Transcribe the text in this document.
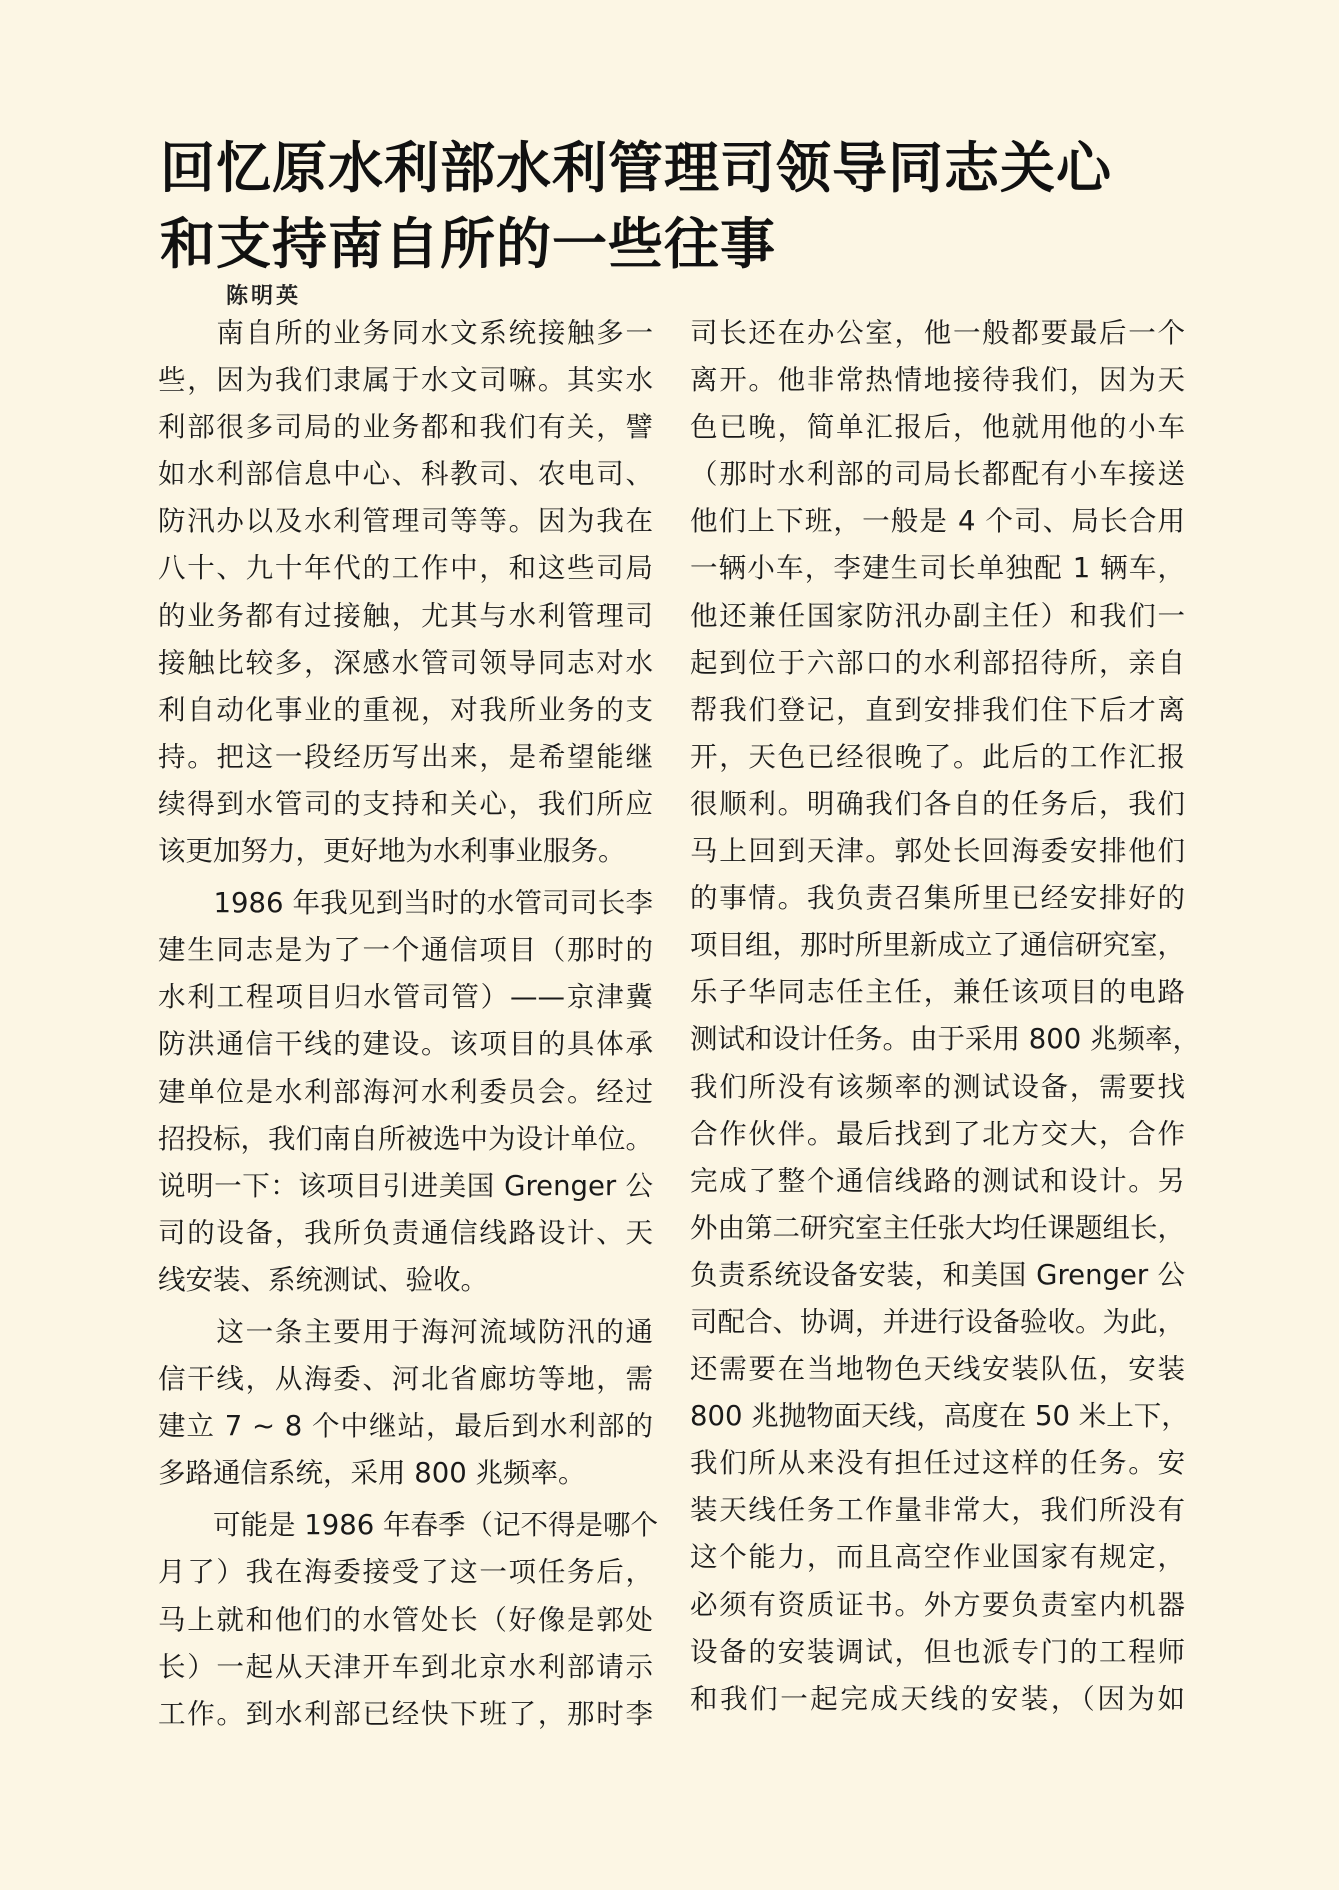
回忆原水利部水利管理司领导同志关心
和支持南自所的一些往事
陈明英
　　南自所的业务同水文系统接触多一
些，因为我们隶属于水文司嘛。其实水
利部很多司局的业务都和我们有关，譬
如水利部信息中心、科教司、农电司、
防汛办以及水利管理司等等。因为我在
八十、九十年代的工作中，和这些司局
的业务都有过接触，尤其与水利管理司
接触比较多，深感水管司领导同志对水
利自动化事业的重视，对我所业务的支
持。把这一段经历写出来，是希望能继
续得到水管司的支持和关心，我们所应
该更加努力，更好地为水利事业服务。
　　1986 年我见到当时的水管司司长李
建生同志是为了一个通信项目（那时的
水利工程项目归水管司管）——京津冀
防洪通信干线的建设。该项目的具体承
建单位是水利部海河水利委员会。经过
招投标，我们南自所被选中为设计单位。
说明一下：该项目引进美国 Grenger 公
司的设备，我所负责通信线路设计、天
线安装、系统测试、验收。
　　这一条主要用于海河流域防汛的通
信干线，从海委、河北省廊坊等地，需
建立 7 ~ 8 个中继站，最后到水利部的
多路通信系统，采用 800 兆频率。
　　可能是 1986 年春季（记不得是哪个
月了）我在海委接受了这一项任务后，
马上就和他们的水管处长（好像是郭处
长）一起从天津开车到北京水利部请示
工作。到水利部已经快下班了，那时李
司长还在办公室，他一般都要最后一个
离开。他非常热情地接待我们，因为天
色已晚，简单汇报后，他就用他的小车
（那时水利部的司局长都配有小车接送
他们上下班，一般是 4 个司、局长合用
一辆小车，李建生司长单独配 1 辆车，
他还兼任国家防汛办副主任）和我们一
起到位于六部口的水利部招待所，亲自
帮我们登记，直到安排我们住下后才离
开，天色已经很晚了。此后的工作汇报
很顺利。明确我们各自的任务后，我们
马上回到天津。郭处长回海委安排他们
的事情。我负责召集所里已经安排好的
项目组，那时所里新成立了通信研究室，
乐子华同志任主任，兼任该项目的电路
测试和设计任务。由于采用 800 兆频率，
我们所没有该频率的测试设备，需要找
合作伙伴。最后找到了北方交大，合作
完成了整个通信线路的测试和设计。另
外由第二研究室主任张大均任课题组长，
负责系统设备安装，和美国 Grenger 公
司配合、协调，并进行设备验收。为此，
还需要在当地物色天线安装队伍，安装
800 兆抛物面天线，高度在 50 米上下，
我们所从来没有担任过这样的任务。安
装天线任务工作量非常大，我们所没有
这个能力，而且高空作业国家有规定，
必须有资质证书。外方要负责室内机器
设备的安装调试，但也派专门的工程师
和我们一起完成天线的安装，（因为如
